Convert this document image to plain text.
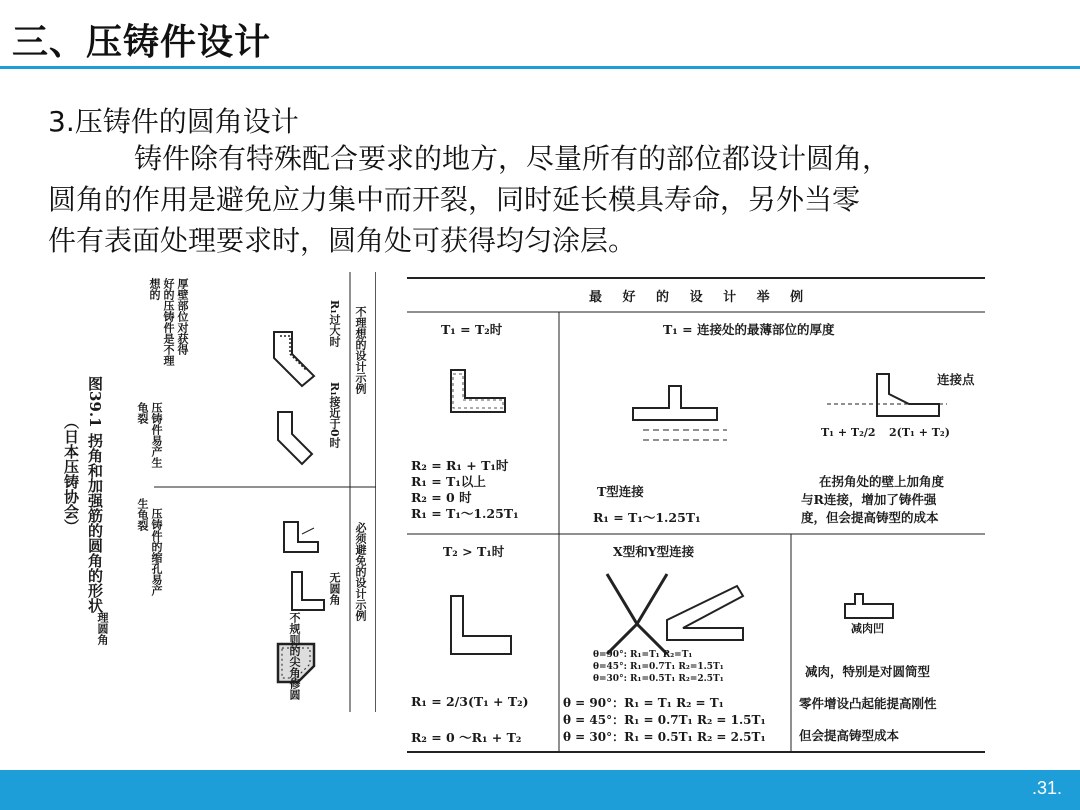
三、压铸件设计
3.压铸件的圆角设计
铸件除有特殊配合要求的地方，尽量所有的部位都设计圆角，
圆角的作用是避免应力集中而开裂，同时延长模具寿命，另外当零
件有表面处理要求时，圆角处可获得均匀涂层。
图39.1 拐角和加强筋的圆角的形状
（日本压铸协会）
不理想的设计示例
必须避免的设计示例
R₁过大时
R₁接近于0时
无圆角
不规则的尖角修圆
厚壁部位对获得
好的压铸件是不理
想的
压铸件易产生
龟裂
压铸件的缩孔易产
生龟裂
理圆角
最 好 的 设 计 举 例
T₁ = T₂时
R₂ = R₁ + T₁时
R₁ = T₁以上
R₂ = 0 时
R₁ = T₁～1.25T₁
T₁ = 连接处的最薄部位的厚度
T型连接
R₁ = T₁～1.25T₁
连接点
T₁ + T₂/2 2(T₁ + T₂)
在拐角处的壁上加角度
与R连接，增加了铸件强
度，但会提高铸型的成本
T₂ > T₁时
R₁ = 2/3(T₁ + T₂)
R₂ = 0 ～R₁ + T₂
X型和Y型连接
θ=90°: R₁=T₁ R₂=T₁
θ=45°: R₁=0.7T₁ R₂=1.5T₁
θ=30°: R₁=0.5T₁ R₂=2.5T₁
θ = 90°：R₁ = T₁ R₂ = T₁
θ = 45°：R₁ = 0.7T₁ R₂ = 1.5T₁
θ = 30°：R₁ = 0.5T₁ R₂ = 2.5T₁
减肉凹
减肉，特别是对圆筒型
零件增设凸起能提高刚性
但会提高铸型成本
.31.
